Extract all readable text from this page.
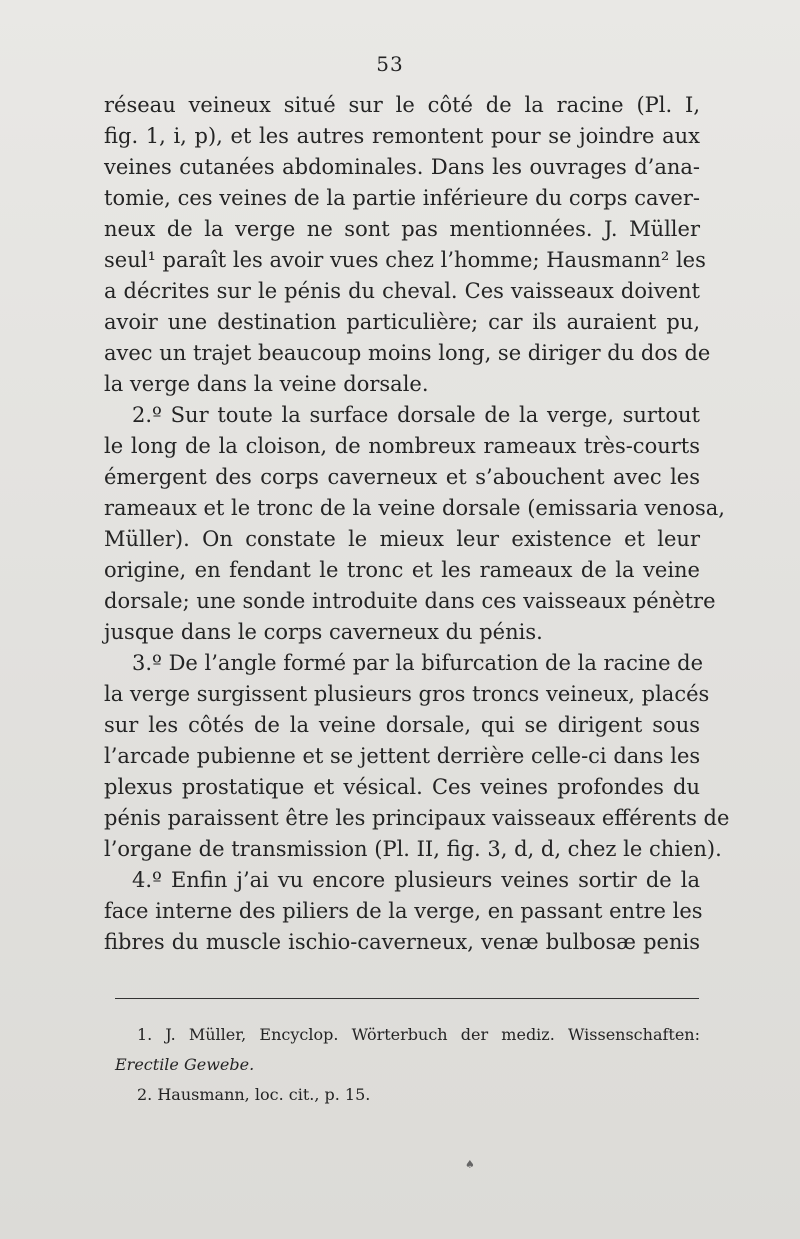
53
réseau veineux situé sur le côté de la racine (Pl. I,
fig. 1, i, p), et les autres remontent pour se joindre aux
veines cutanées abdominales. Dans les ouvrages d’ana-
tomie, ces veines de la partie inférieure du corps caver-
neux de la verge ne sont pas mentionnées. J. Müller
seul¹ paraît les avoir vues chez l’homme; Hausmann² les
a décrites sur le pénis du cheval. Ces vaisseaux doivent
avoir une destination particulière; car ils auraient pu,
avec un trajet beaucoup moins long, se diriger du dos de
la verge dans la veine dorsale.
2.º Sur toute la surface dorsale de la verge, surtout
le long de la cloison, de nombreux rameaux très-courts
émergent des corps caverneux et s’abouchent avec les
rameaux et le tronc de la veine dorsale (emissaria venosa,
Müller). On constate le mieux leur existence et leur
origine, en fendant le tronc et les rameaux de la veine
dorsale; une sonde introduite dans ces vaisseaux pénètre
jusque dans le corps caverneux du pénis.
3.º De l’angle formé par la bifurcation de la racine de
la verge surgissent plusieurs gros troncs veineux, placés
sur les côtés de la veine dorsale, qui se dirigent sous
l’arcade pubienne et se jettent derrière celle-ci dans les
plexus prostatique et vésical. Ces veines profondes du
pénis paraissent être les principaux vaisseaux efférents de
l’organe de transmission (Pl. II, fig. 3, d, d, chez le chien).
4.º Enfin j’ai vu encore plusieurs veines sortir de la
face interne des piliers de la verge, en passant entre les
fibres du muscle ischio-caverneux, venæ bulbosæ penis
1. J. Müller, Encyclop. Wörterbuch der mediz. Wissenschaften:
Erectile Gewebe.
2. Hausmann, loc. cit., p. 15.
♠
